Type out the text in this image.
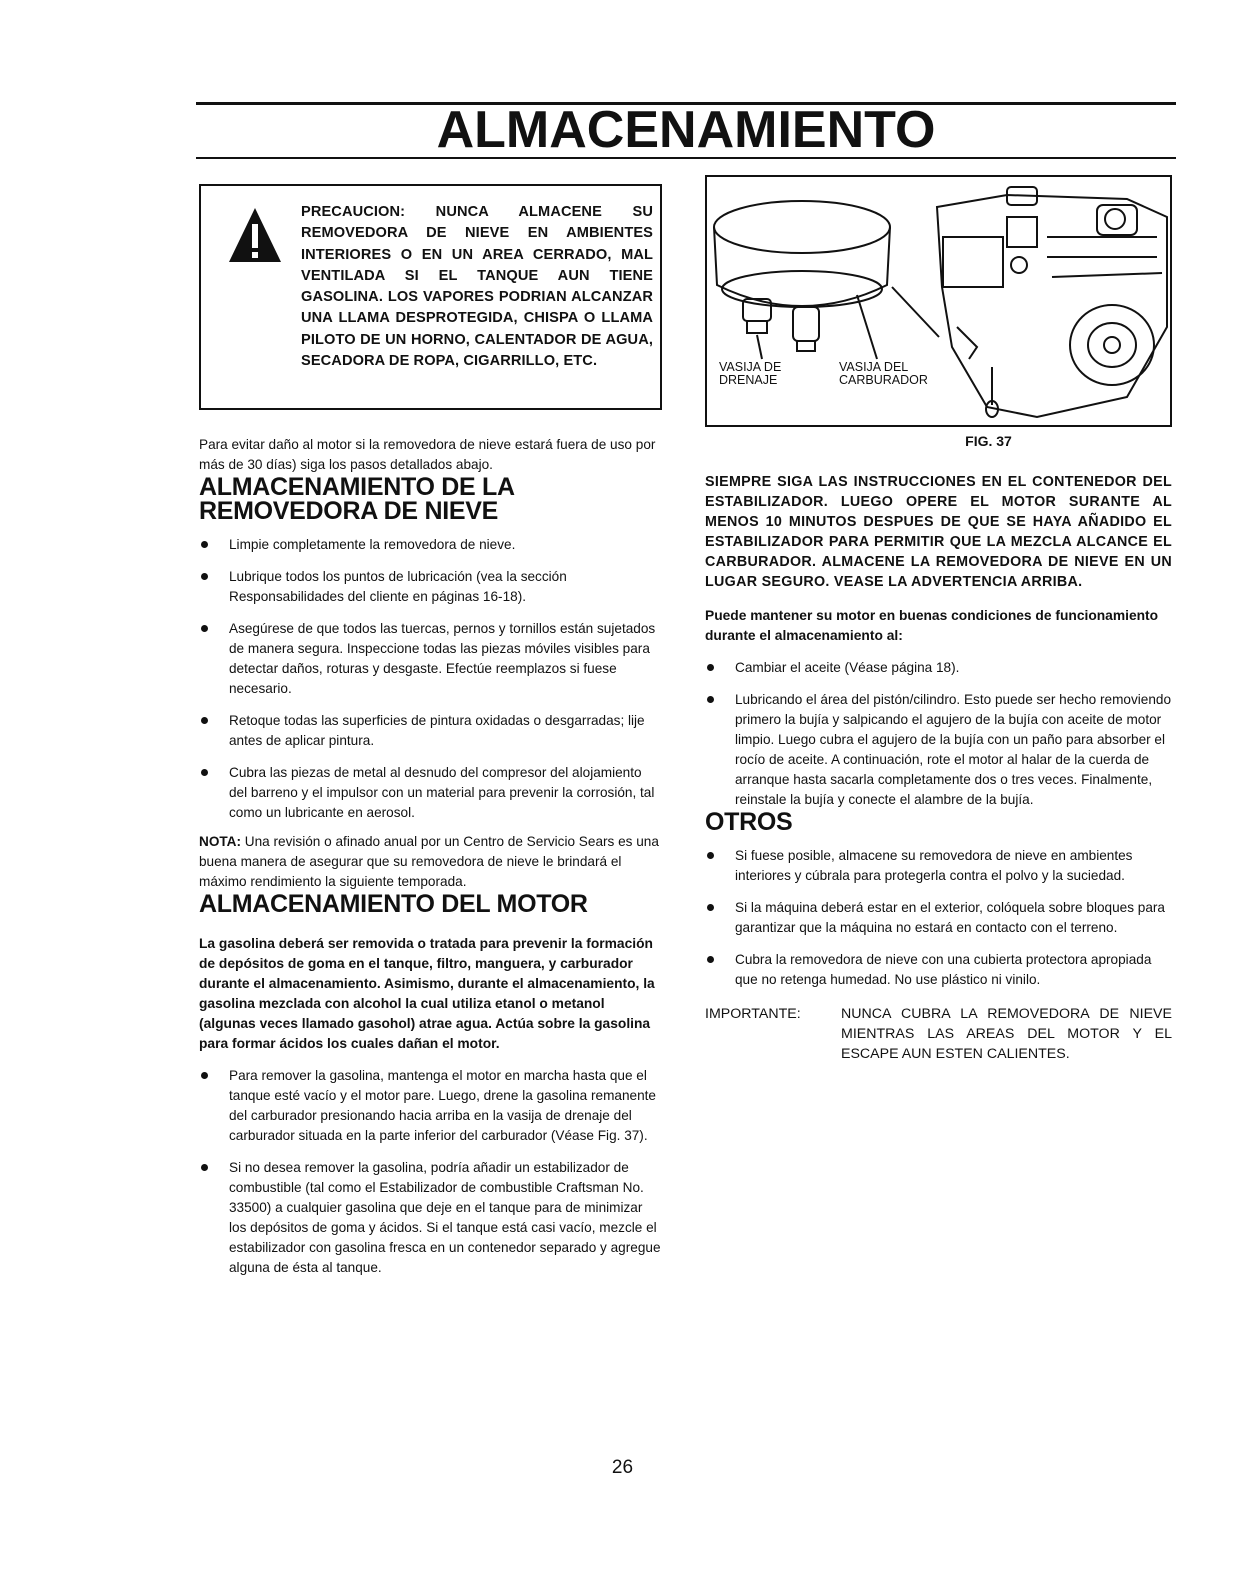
ALMACENAMIENTO

PRECAUCION: NUNCA ALMACENE SU REMOVEDORA DE NIEVE EN AMBIENTES INTERIORES O EN UN AREA CERRADO, MAL VENTILADA SI EL TANQUE AUN TIENE GASOLINA. LOS VAPORES PODRIAN ALCANZAR UNA LLAMA DESPROTEGIDA, CHISPA O LLAMA PILOTO DE UN HORNO, CALENTADOR DE AGUA, SECADORA DE ROPA, CIGARRILLO, ETC.

Para evitar daño al motor si la removedora de nieve estará fuera de uso por más de 30 días) siga los pasos detallados abajo.

ALMACENAMIENTO DE LA
REMOVEDORA DE NIEVE
Limpie completamente la removedora de nieve.
Lubrique todos los puntos de lubricación (vea la sección Responsabilidades del cliente en páginas 16-18).
Asegúrese de que todos las tuercas, pernos y tornillos están sujetados de manera segura. Inspeccione todas las piezas móviles visibles para detectar daños, roturas y desgaste. Efectúe reemplazos si fuese necesario.
Retoque todas las superficies de pintura oxidadas o desgarradas; lije antes de aplicar pintura.
Cubra las piezas de metal al desnudo del compresor del alojamiento del barreno y el impulsor con un material para prevenir la corrosión, tal como un lubricante en aerosol.

NOTA: Una revisión o afinado anual por un Centro de Servicio Sears es una buena manera de asegurar que su removedora de nieve le brindará el máximo rendimiento la siguiente temporada.

ALMACENAMIENTO DEL MOTOR

La gasolina deberá ser removida o tratada para prevenir la formación de depósitos de goma en el tanque, filtro, manguera, y carburador durante el almacenamiento. Asimismo, durante el almacenamiento, la gasolina mezclada con alcohol la cual utiliza etanol o metanol (algunas veces llamado gasohol) atrae agua. Actúa sobre la gasolina para formar ácidos los cuales dañan el motor.

Para remover la gasolina, mantenga el motor en marcha hasta que el tanque esté vacío y el motor pare. Luego, drene la gasolina remanente del carburador presionando hacia arriba en la vasija de drenaje del carburador situada en la parte inferior del carburador (Véase Fig. 37).
Si no desea remover la gasolina, podría añadir un estabilizador de combustible (tal como el Estabilizador de combustible Craftsman No. 33500) a cualquier gasolina que deje en el tanque para de minimizar los depósitos de goma y ácidos. Si el tanque está casi vacío, mezcle el estabilizador con gasolina fresca en un contenedor separado y agregue alguna de ésta al tanque.

VASIJA DE

DRENAJE

VASIJA DEL

CARBURADOR

FIG. 37

SIEMPRE SIGA LAS INSTRUCCIONES EN EL CONTENEDOR DEL ESTABILIZADOR. LUEGO OPERE EL MOTOR SURANTE AL MENOS 10 MINUTOS DESPUES DE QUE SE HAYA AÑADIDO EL ESTABILIZADOR PARA PERMITIR QUE LA MEZCLA ALCANCE EL CARBURADOR. ALMACENE LA REMOVEDORA DE NIEVE EN UN LUGAR SEGURO. VEASE LA ADVERTENCIA ARRIBA.

Puede mantener su motor en buenas condiciones de funcionamiento durante el almacenamiento al:

Cambiar el aceite (Véase página 18).
Lubricando el área del pistón/cilindro. Esto puede ser hecho removiendo primero la bujía y salpicando el agujero de la bujía con aceite de motor limpio. Luego cubra el agujero de la bujía con un paño para absorber el rocío de aceite. A continuación, rote el motor al halar de la cuerda de arranque hasta sacarla completamente dos o tres veces. Finalmente, reinstale la bujía y conecte el alambre de la bujía.
OTROS
Si fuese posible, almacene su removedora de nieve en ambientes interiores y cúbrala para protegerla contra el polvo y la suciedad.
Si la máquina deberá estar en el exterior, colóquela sobre bloques para garantizar que la máquina no estará en contacto con el terreno.
Cubra la removedora de nieve con una cubierta protectora apropiada que no retenga humedad. No use plástico ni vinilo.
IMPORTANTE:	NUNCA CUBRA LA REMOVEDORA DE NIEVE MIENTRAS LAS AREAS DEL MOTOR Y EL ESCAPE AUN ESTEN CALIENTES.
26
